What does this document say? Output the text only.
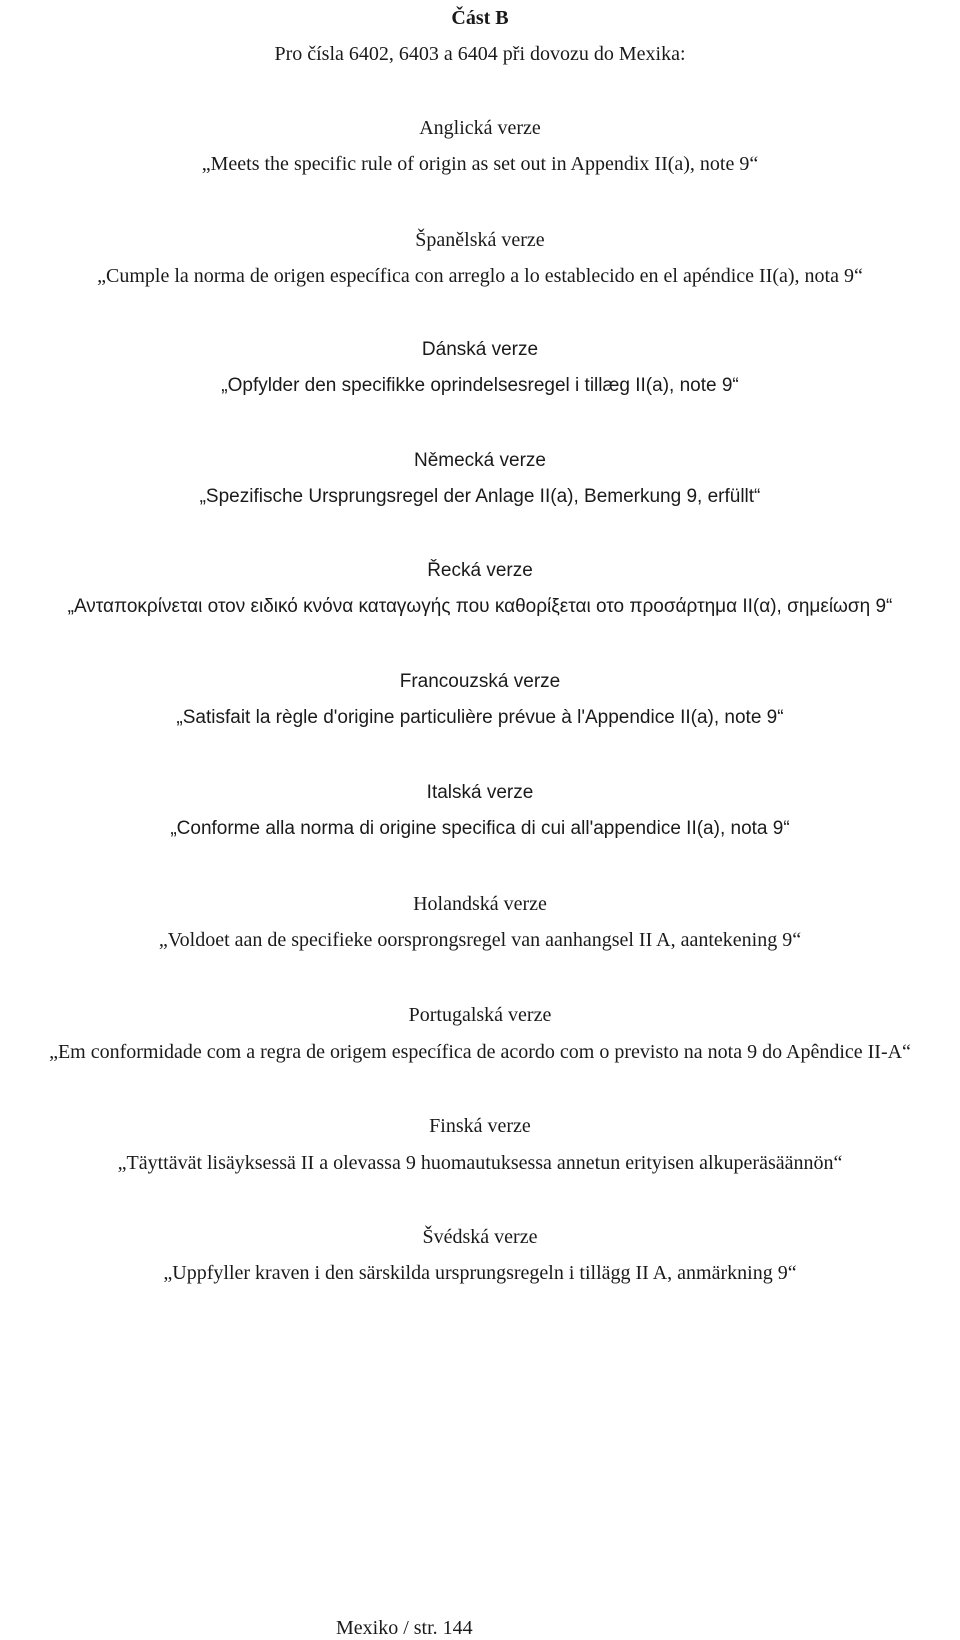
Část B
Pro čísla 6402, 6403 a 6404 při dovozu do Mexika:
Anglická verze
„Meets the specific rule of origin as set out in Appendix II(a), note 9“
Španělská verze
„Cumple la norma de origen específica con arreglo a lo establecido en el apéndice II(a), nota 9“
Dánská verze
„Opfylder den specifikke oprindelsesregel i tillæg II(a), note 9“
Německá verze
„Spezifische Ursprungsregel der Anlage II(a), Bemerkung 9, erfüllt“
Řecká verze
„Ανταποκρίνεται οτον ειδικό κνόνα καταγωγής που καθορίξεται οτο προσάρτημα ΙΙ(α), σημείωση 9“
Francouzská verze
„Satisfait la règle d'origine particulière prévue à l'Appendice II(a), note 9“
Italská verze
„Conforme alla norma di origine specifica di cui all'appendice II(a), nota 9“
Holandská verze
„Voldoet aan de specifieke oorsprongsregel van aanhangsel II A, aantekening 9“
Portugalská verze
„Em conformidade com a regra de origem específica de acordo com o previsto na nota 9 do Apêndice II-A“
Finská verze
„Täyttävät lisäyksessä II a olevassa 9 huomautuksessa annetun erityisen alkuperäsäännön“
Švédská verze
„Uppfyller kraven i den särskilda ursprungsregeln i tillägg II A, anmärkning 9“
Mexiko / str. 144
